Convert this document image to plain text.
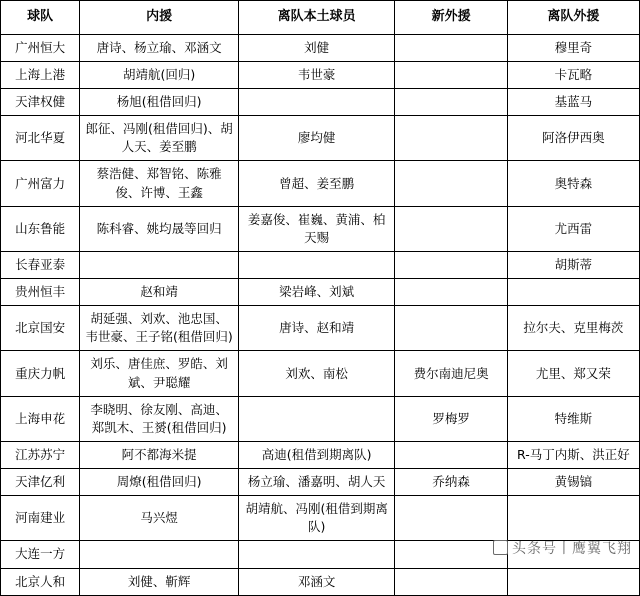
球队	内援	离队本土球员	新外援	离队外援
广州恒大	唐诗、杨立瑜、邓涵文	刘健		穆里奇
上海上港	胡靖航(回归)	韦世豪		卡瓦略
天津权健	杨旭(租借回归)			基蓝马
河北华夏	郎征、冯刚(租借回归)、胡人天、姜至鹏	廖均健		阿洛伊西奥
广州富力	蔡浩健、郑智铭、陈雅俊、许博、王鑫	曾超、姜至鹏		奥特森
山东鲁能	陈科睿、姚均晟等回归	姜嘉俊、崔巍、黄浦、柏天赐		尤西雷
长春亚泰				胡斯蒂
贵州恒丰	赵和靖	梁岩峰、刘斌		
北京国安	胡延强、刘欢、池忠国、韦世豪、王子铭(租借回归)	唐诗、赵和靖		拉尔夫、克里梅茨
重庆力帆	刘乐、唐佳庶、罗皓、刘斌、尹聪耀	刘欢、南松	费尔南迪尼奥	尤里、郑又荣
上海申花	李晓明、徐友刚、高迪、郑凯木、王赟(租借回归)		罗梅罗	特维斯
江苏苏宁	阿不都海米提	高迪(租借到期离队)		R-马丁内斯、洪正好
天津亿利	周燎(租借回归)	杨立瑜、潘嘉明、胡人天	乔纳森	黄锡镐
河南建业	马兴煜	胡靖航、冯刚(租借到期离队)		
大连一方				
北京人和	刘健、靳辉	邓涵文		
头条号丨鹰翼飞翔
